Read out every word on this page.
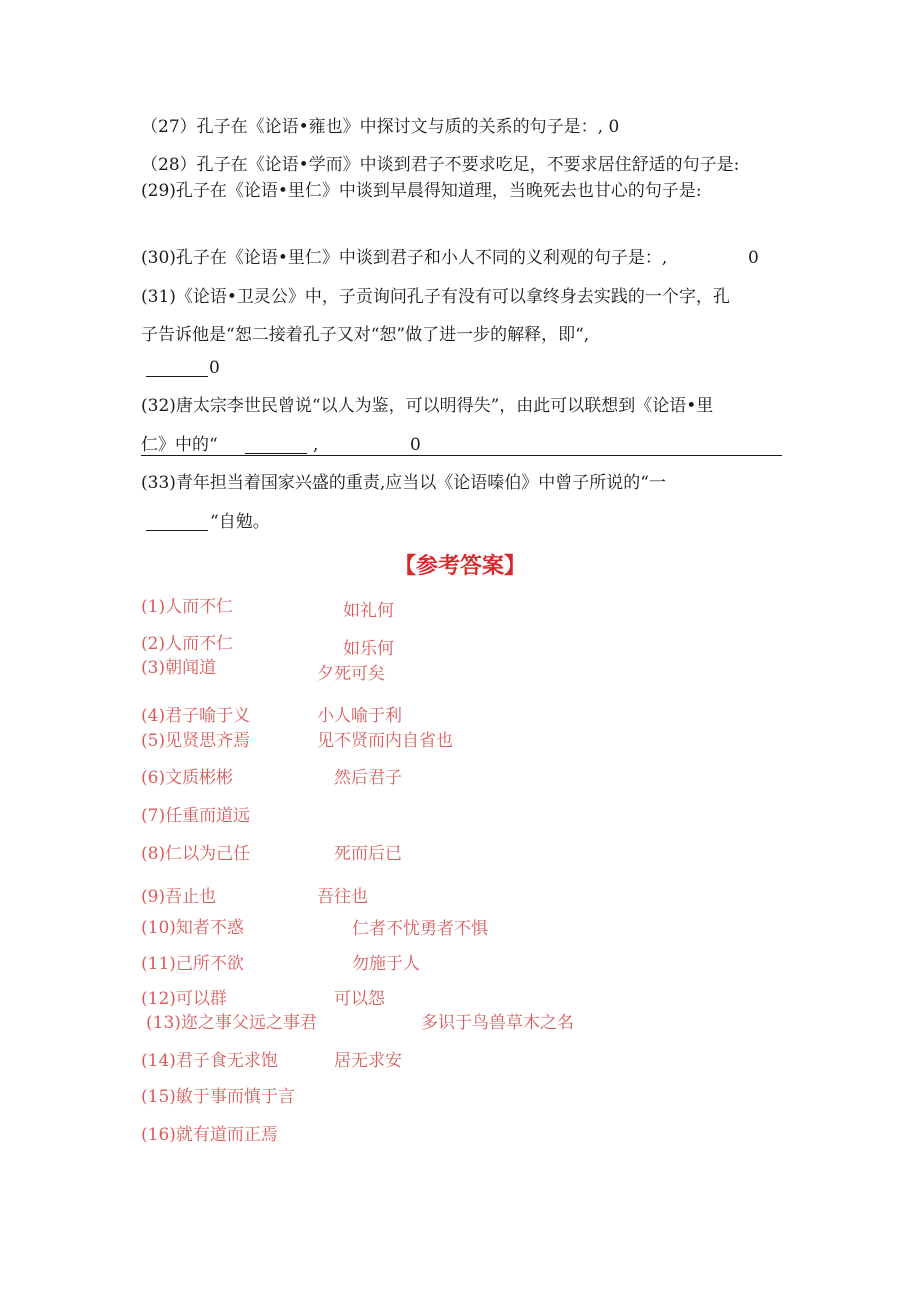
（27）孔子在《论语•雍也》中探讨文与质的关系的句子是：, 0
（28）孔子在《论语•学而》中谈到君子不要求吃足，不要求居住舒适的句子是:
(29)孔子在《论语•里仁》中谈到早晨得知道理，当晚死去也甘心的句子是:
(30)孔子在《论语•里仁》中谈到君子和小人不同的义利观的句子是：,	0
(31)《论语•卫灵公》中，子贡询问孔子有没有可以拿终身去实践的一个字，孔
子告诉他是“恕二接着孔子又对“恕”做了进一步的解释，即“,
0
(32)唐太宗李世民曾说“以人为鉴，可以明得失”，由此可以联想到《论语•里
仁》中的“	,	0
(33)青年担当着国家兴盛的重责,应当以《论语嗪伯》中曾子所说的“一
“自勉。
【参考答案】
(1)人而不仁	如礼何
(2)人而不仁	如乐何
(3)朝闻道	夕死可矣
(4)君子喻于义	小人喻于利
(5)见贤思齐焉	见不贤而内自省也
(6)文质彬彬	然后君子
(7)任重而道远
(8)仁以为己任	死而后已
(9)吾止也	吾往也
(10)知者不惑	仁者不忧勇者不惧
(11)己所不欲	勿施于人
(12)可以群	可以怨
(13)迩之事父远之事君	多识于鸟兽草木之名
(14)君子食无求饱	居无求安
(15)敏于事而慎于言
(16)就有道而正焉
